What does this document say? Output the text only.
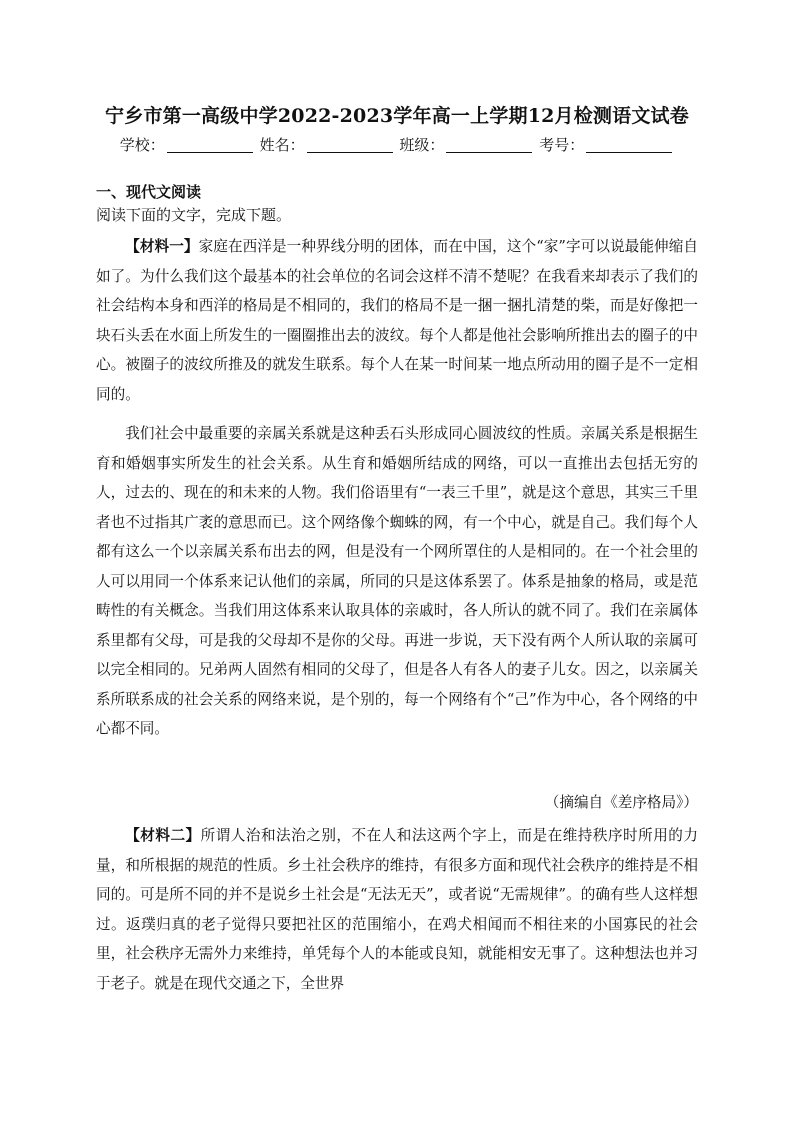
宁乡市第一高级中学2022-2023学年高一上学期12月检测语文试卷
学校：	姓名：	班级：	考号：
一、现代文阅读
阅读下面的文字，完成下题。

【材料一】家庭在西洋是一种界线分明的团体，而在中国，这个“家”字可以说最能伸缩自如了。为什么我们这个最基本的社会单位的名词会这样不清不楚呢？在我看来却表示了我们的社会结构本身和西洋的格局是不相同的，我们的格局不是一捆一捆扎清楚的柴，而是好像把一块石头丢在水面上所发生的一圈圈推出去的波纹。每个人都是他社会影响所推出去的圈子的中心。被圈子的波纹所推及的就发生联系。每个人在某一时间某一地点所动用的圈子是不一定相同的。

我们社会中最重要的亲属关系就是这种丢石头形成同心圆波纹的性质。亲属关系是根据生育和婚姻事实所发生的社会关系。从生育和婚姻所结成的网络，可以一直推出去包括无穷的人，过去的、现在的和未来的人物。我们俗语里有“一表三千里”，就是这个意思，其实三千里者也不过指其广袤的意思而已。这个网络像个蜘蛛的网，有一个中心，就是自己。我们每个人都有这么一个以亲属关系布出去的网，但是没有一个网所罩住的人是相同的。在一个社会里的人可以用同一个体系来记认他们的亲属，所同的只是这体系罢了。体系是抽象的格局，或是范畴性的有关概念。当我们用这体系来认取具体的亲戚时，各人所认的就不同了。我们在亲属体系里都有父母，可是我的父母却不是你的父母。再进一步说，天下没有两个人所认取的亲属可以完全相同的。兄弟两人固然有相同的父母了，但是各人有各人的妻子儿女。因之，以亲属关系所联系成的社会关系的网络来说，是个别的，每一个网络有个“己”作为中心，各个网络的中心都不同。

（摘编自《差序格局》）

【材料二】所谓人治和法治之别，不在人和法这两个字上，而是在维持秩序时所用的力量，和所根据的规范的性质。乡土社会秩序的维持，有很多方面和现代社会秩序的维持是不相同的。可是所不同的并不是说乡土社会是“无法无天”，或者说“无需规律”。的确有些人这样想过。返璞归真的老子觉得只要把社区的范围缩小，在鸡犬相闻而不相往来的小国寡民的社会里，社会秩序无需外力来维持，单凭每个人的本能或良知，就能相安无事了。这种想法也并习于老子。就是在现代交通之下，全世界
